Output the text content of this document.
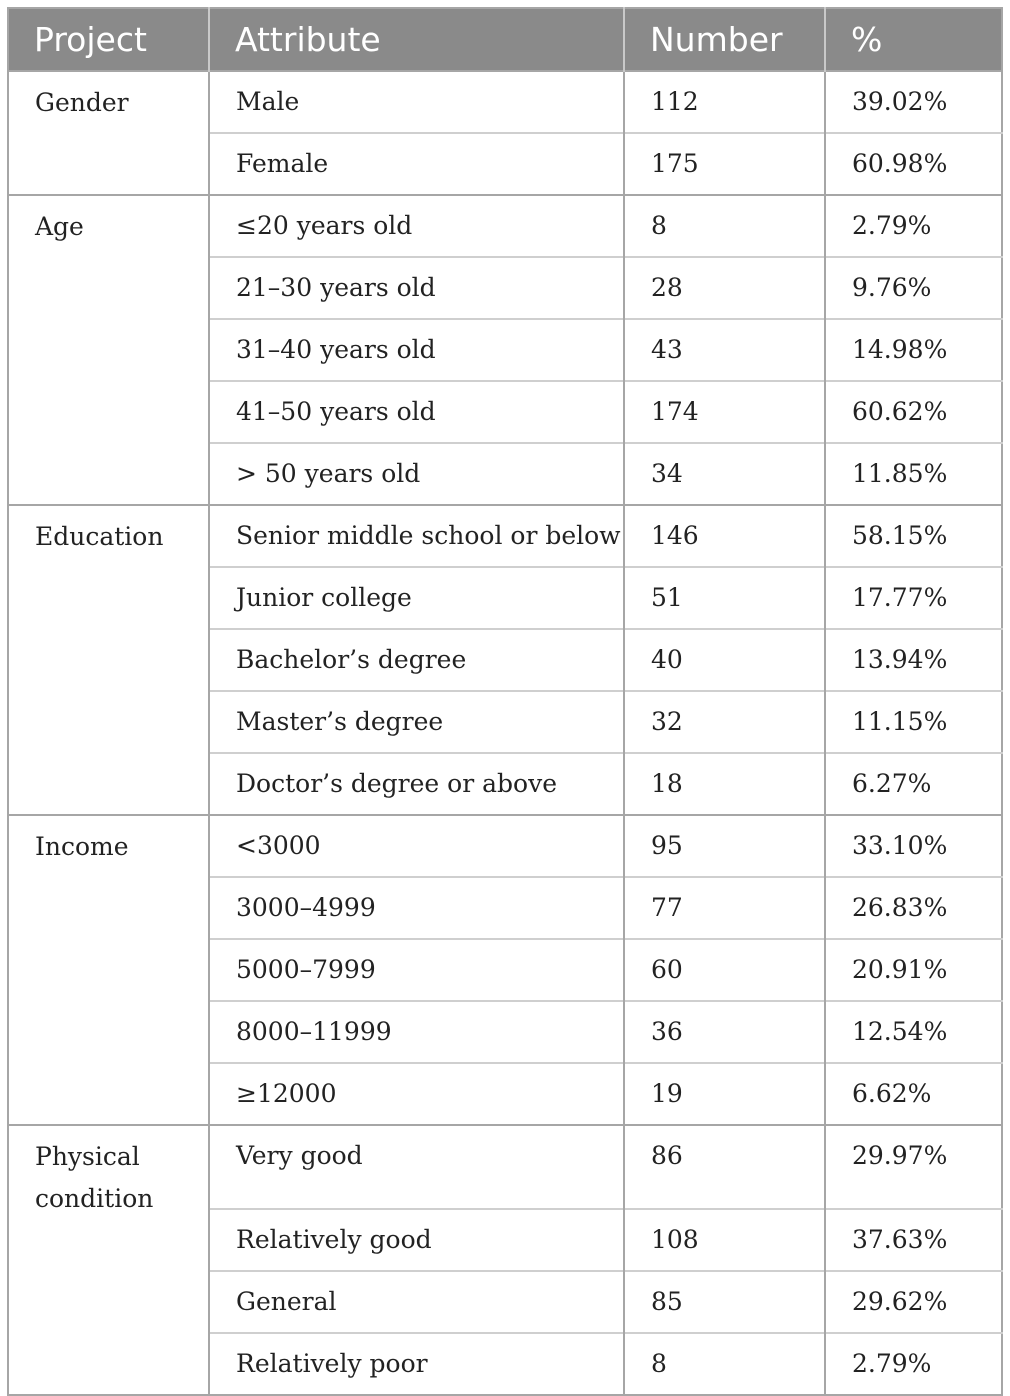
Project	Attribute	Number	%
Gender	Male	112	39.02%
	Female	175	60.98%
Age	≤20 years old	8	2.79%
	21–30 years old	28	9.76%
	31–40 years old	43	14.98%
	41–50 years old	174	60.62%
	> 50 years old	34	11.85%
Education	Senior middle school or below	146	58.15%
	Junior college	51	17.77%
	Bachelor’s degree	40	13.94%
	Master’s degree	32	11.15%
	Doctor’s degree or above	18	6.27%
Income	<3000	95	33.10%
	3000–4999	77	26.83%
	5000–7999	60	20.91%
	8000–11999	36	12.54%
	≥12000	19	6.62%
Physical condition	Very good	86	29.97%
	Relatively good	108	37.63%
	General	85	29.62%
	Relatively poor	8	2.79%
